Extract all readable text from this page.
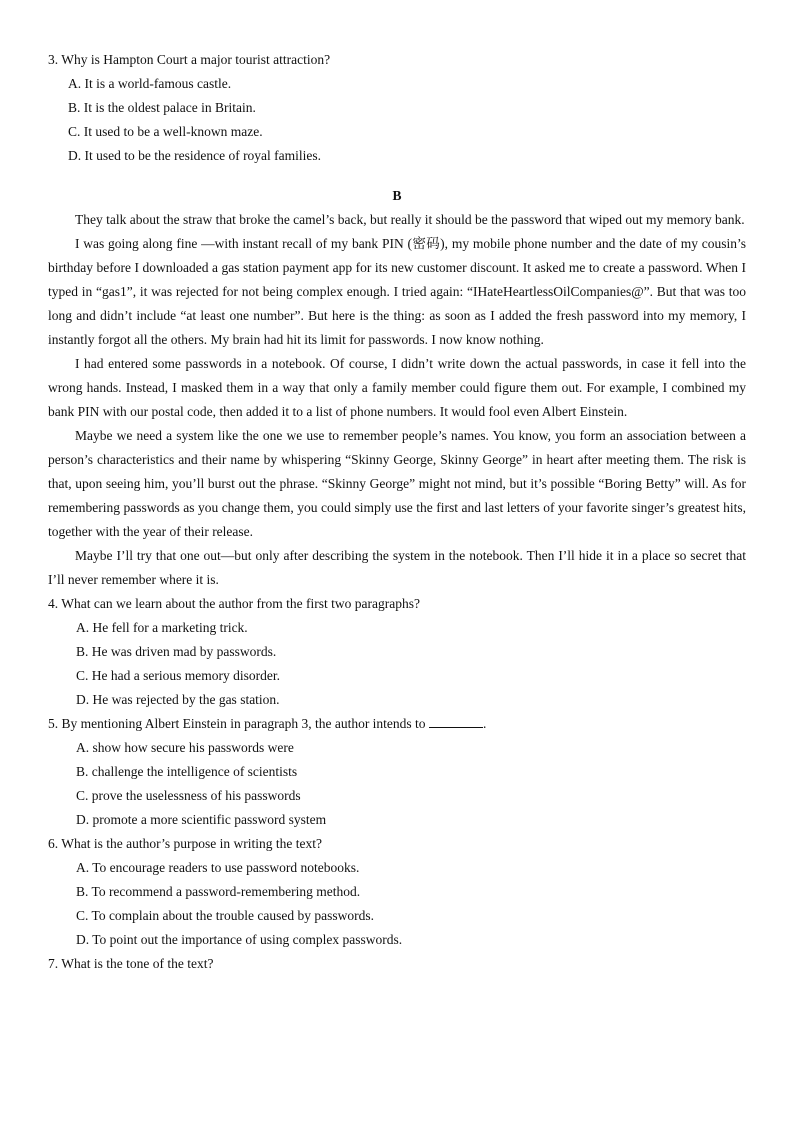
3. Why is Hampton Court a major tourist attraction?

A. It is a world-famous castle.

B. It is the oldest palace in Britain.

C. It used to be a well-known maze.

D. It used to be the residence of royal families.

B

They talk about the straw that broke the camel’s back, but really it should be the password that wiped out my memory bank.

I was going along fine —with instant recall of my bank PIN (密码), my mobile phone number and the date of my cousin’s birthday before I downloaded a gas station payment app for its new customer discount. It asked me to create a password. When I typed in “gas1”, it was rejected for not being complex enough. I tried again: “IHateHeartlessOilCompanies@”. But that was too long and didn’t include “at least one number”. But here is the thing: as soon as I added the fresh password into my memory, I instantly forgot all the others. My brain had hit its limit for passwords. I now know nothing.

I had entered some passwords in a notebook. Of course, I didn’t write down the actual passwords, in case it fell into the wrong hands. Instead, I masked them in a way that only a family member could figure them out. For example, I combined my bank PIN with our postal code, then added it to a list of phone numbers. It would fool even Albert Einstein.

Maybe we need a system like the one we use to remember people’s names. You know, you form an association between a person’s characteristics and their name by whispering “Skinny George, Skinny George” in heart after meeting them. The risk is that, upon seeing him, you’ll burst out the phrase. “Skinny George” might not mind, but it’s possible “Boring Betty” will. As for remembering passwords as you change them, you could simply use the first and last letters of your favorite singer’s greatest hits, together with the year of their release.

Maybe I’ll try that one out—but only after describing the system in the notebook. Then I’ll hide it in a place so secret that I’ll never remember where it is.

4. What can we learn about the author from the first two paragraphs?

A. He fell for a marketing trick.

B. He was driven mad by passwords.

C. He had a serious memory disorder.

D. He was rejected by the gas station.

5. By mentioning Albert Einstein in paragraph 3, the author intends to	.

A. show how secure his passwords were

B. challenge the intelligence of scientists

C. prove the uselessness of his passwords

D. promote a more scientific password system

6. What is the author’s purpose in writing the text?

A. To encourage readers to use password notebooks.

B. To recommend a password-remembering method.

C. To complain about the trouble caused by passwords.

D. To point out the importance of using complex passwords.

7. What is the tone of the text?
